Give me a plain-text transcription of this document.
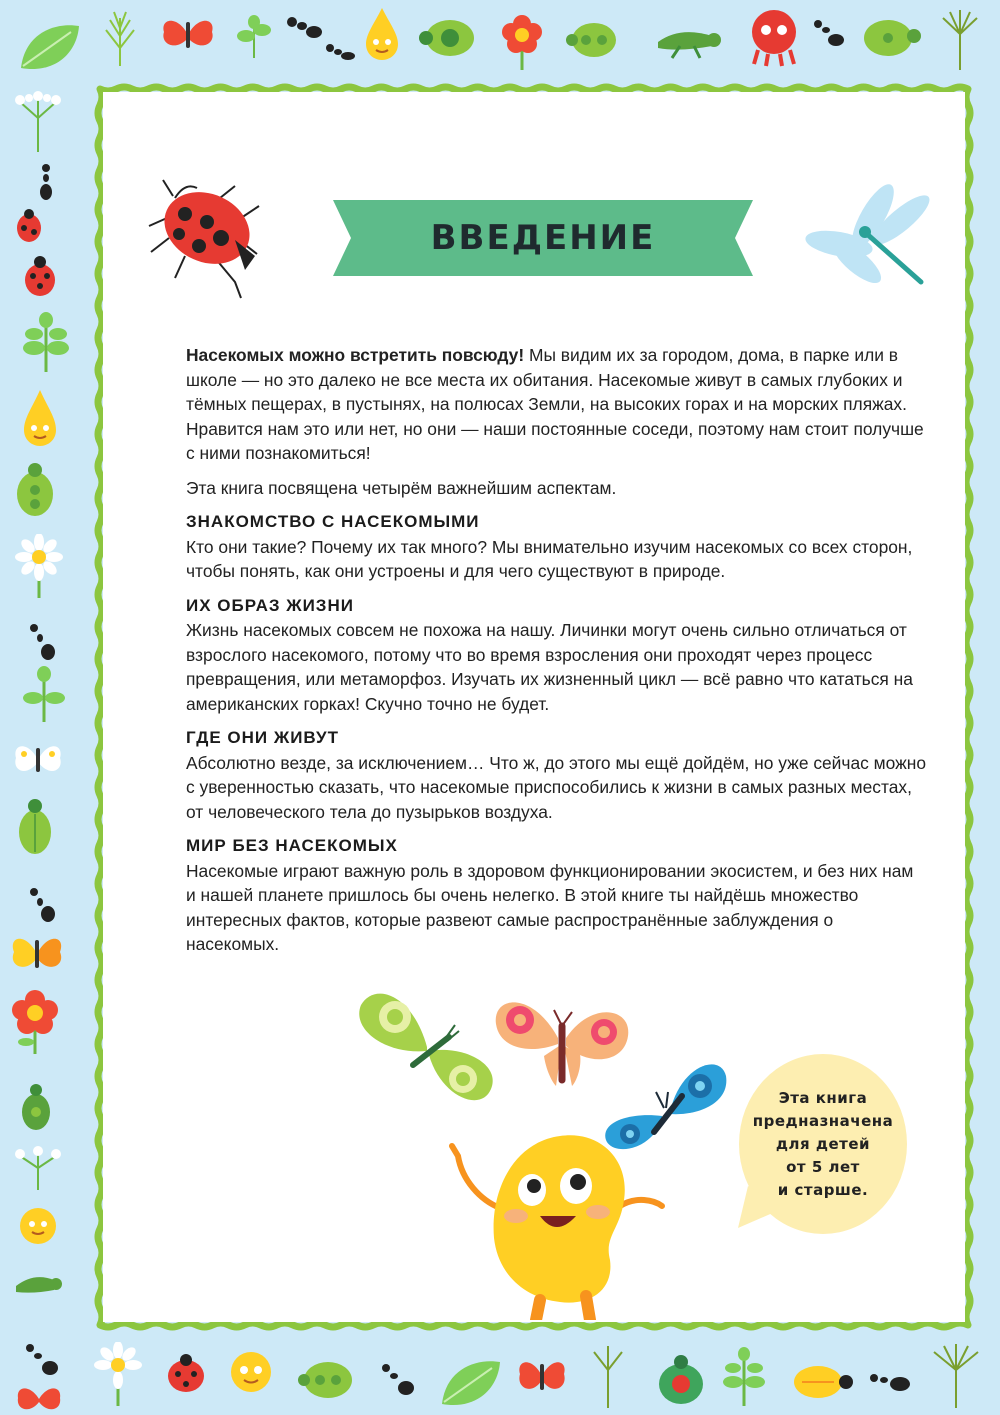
ВВЕДЕНИЕ

Насекомых можно встретить повсюду! Мы видим их за городом, дома, в парке или в школе — но это далеко не все места их обитания. Насекомые живут в самых глубоких и тёмных пещерах, в пустынях, на полюсах Земли, на высоких горах и на морских пляжах. Нравится нам это или нет, но они — наши постоянные соседи, поэтому нам стоит получше с ними познакомиться!

Эта книга посвящена четырём важнейшим аспектам.

ЗНАКОМСТВО С НАСЕКОМЫМИ

Кто они такие? Почему их так много? Мы внимательно изучим насекомых со всех сторон, чтобы понять, как они устроены и для чего существуют в природе.

ИХ ОБРАЗ ЖИЗНИ

Жизнь насекомых совсем не похожа на нашу. Личинки могут очень сильно отличаться от взрослого насекомого, потому что во время взросления они проходят через процесс превращения, или метаморфоз. Изучать их жизненный цикл — всё равно что кататься на американских горках! Скучно точно не будет.

ГДЕ ОНИ ЖИВУТ

Абсолютно везде, за исключением… Что ж, до этого мы ещё дойдём, но уже сейчас можно с уверенностью сказать, что насекомые приспособились к жизни в самых разных местах, от человеческого тела до пузырьков воздуха.

МИР БЕЗ НАСЕКОМЫХ

Насекомые играют важную роль в здоровом функционировании экосистем, и без них нам и нашей планете пришлось бы очень нелегко. В этой книге ты найдёшь множество интересных фактов, которые развеют самые распространённые заблуждения о насекомых.

Эта книга
предназначена
для детей
от 5 лет
и старше.
